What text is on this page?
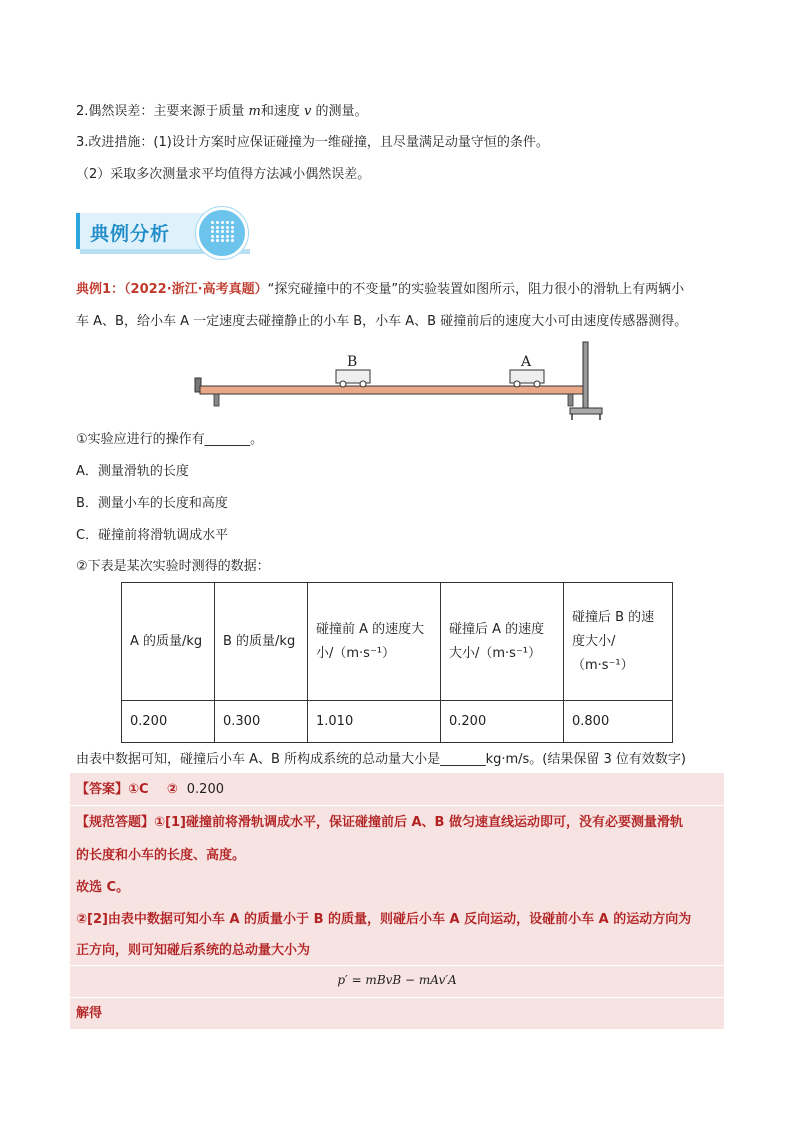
2.偶然误差：主要来源于质量 m和速度 v 的测量。
3.改进措施：(1)设计方案时应保证碰撞为一维碰撞，且尽量满足动量守恒的条件。
（2）采取多次测量求平均值得方法减小偶然误差。
典例分析
典例1：（2022·浙江·高考真题）“探究碰撞中的不变量”的实验装置如图所示，阻力很小的滑轨上有两辆小
车 A、B，给小车 A 一定速度去碰撞静止的小车 B，小车 A、B 碰撞前后的速度大小可由速度传感器测得。
B	A
①实验应进行的操作有_______。
A．测量滑轨的长度
B．测量小车的长度和高度
C．碰撞前将滑轨调成水平
②下表是某次实验时测得的数据：
A 的质量/kg	B 的质量/kg	碰撞前 A 的速度大小/（m·s⁻¹）	碰撞后 A 的速度大小/（m·s⁻¹）	碰撞后 B 的速度大小/（m·s⁻¹）
0.200	0.300	1.010	0.200	0.800
由表中数据可知，碰撞后小车 A、B 所构成系统的总动量大小是_______kg·m/s。(结果保留 3 位有效数字)
【答案】①C ② 0.200
【规范答题】①[1]碰撞前将滑轨调成水平，保证碰撞前后 A、B 做匀速直线运动即可，没有必要测量滑轨
的长度和小车的长度、高度。
故选 C。
②[2]由表中数据可知小车 A 的质量小于 B 的质量，则碰后小车 A 反向运动，设碰前小车 A 的运动方向为
正方向，则可知碰后系统的总动量大小为
p′ = mBvB − mAv′A
解得
